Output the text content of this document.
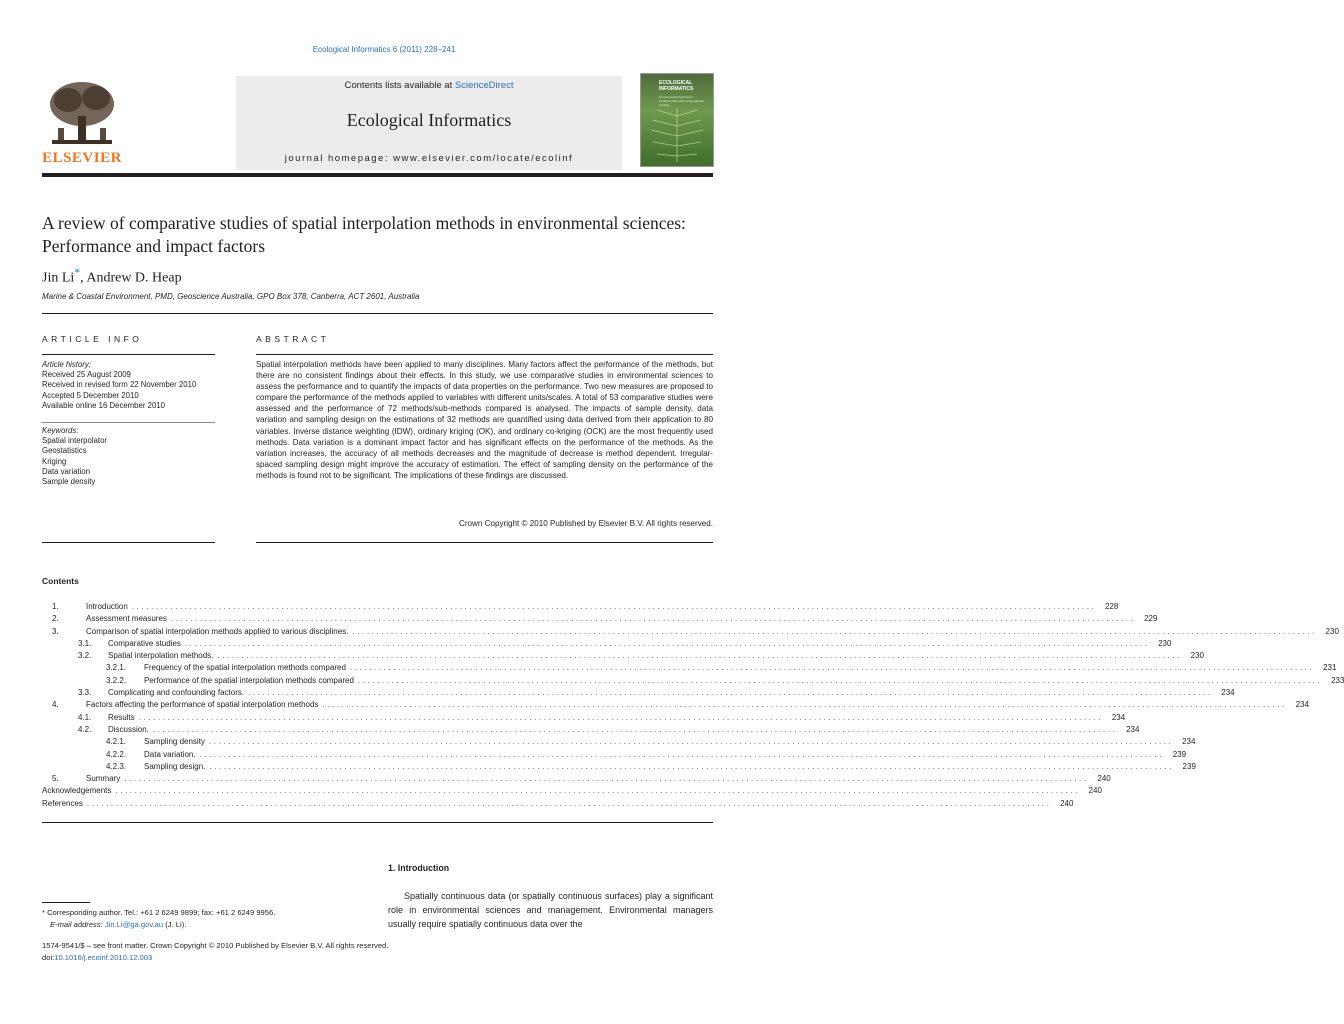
Ecological Informatics 6 (2011) 228–241
ELSEVIER
Contents lists available at ScienceDirect
Ecological Informatics
journal homepage: www.elsevier.com/locate/ecolinf
ECOLOGICAL INFORMATICS
an international journal on ecoinformatics and computational ecology
A review of comparative studies of spatial interpolation methods in environmental sciences: Performance and impact factors
Jin Li*, Andrew D. Heap
Marine & Coastal Environment, PMD, Geoscience Australia, GPO Box 378, Canberra, ACT 2601, Australia
ARTICLE INFO
Article history:
Received 25 August 2009
Received in revised form 22 November 2010
Accepted 5 December 2010
Available online 16 December 2010
Keywords:
Spatial interpolator
Geostatistics
Kriging
Data variation
Sample density
ABSTRACT
Spatial interpolation methods have been applied to many disciplines. Many factors affect the performance of the methods, but there are no consistent findings about their effects. In this study, we use comparative studies in environmental sciences to assess the performance and to quantify the impacts of data properties on the performance. Two new measures are proposed to compare the performance of the methods applied to variables with different units/scales. A total of 53 comparative studies were assessed and the performance of 72 methods/sub-methods compared is analysed. The impacts of sample density, data variation and sampling design on the estimations of 32 methods are quantified using data derived from their application to 80 variables. Inverse distance weighting (IDW), ordinary kriging (OK), and ordinary co-kriging (OCK) are the most frequently used methods. Data variation is a dominant impact factor and has significant effects on the performance of the methods. As the variation increases, the accuracy of all methods decreases and the magnitude of decrease is method dependent. Irregular-spaced sampling design might improve the accuracy of estimation. The effect of sampling density on the performance of the methods is found not to be significant. The implications of these findings are discussed.
Crown Copyright © 2010 Published by Elsevier B.V. All rights reserved.
Contents
1.	Introduction ........................................................................................................................................................................................................	228
2.	Assessment measures ........................................................................................................................................................................................................	229
3.	Comparison of spatial interpolation methods applied to various disciplines. ........................................................................................................................................................................................................	230
3.1.	Comparative studies ........................................................................................................................................................................................................	230
3.2.	Spatial interpolation methods. ........................................................................................................................................................................................................	230
3.2.1.	Frequency of the spatial interpolation methods compared ........................................................................................................................................................................................................	231
3.2.2.	Performance of the spatial interpolation methods compared ........................................................................................................................................................................................................	233
3.3.	Complicating and confounding factors. ........................................................................................................................................................................................................	234
4.	Factors affecting the performance of spatial interpolation methods ........................................................................................................................................................................................................	234
4.1.	Results ........................................................................................................................................................................................................	234
4.2.	Discussion. ........................................................................................................................................................................................................	234
4.2.1.	Sampling density ........................................................................................................................................................................................................	234
4.2.2.	Data variation. ........................................................................................................................................................................................................	239
4.2.3.	Sampling design. ........................................................................................................................................................................................................	239
5.	Summary ........................................................................................................................................................................................................	240
Acknowledgements ........................................................................................................................................................................................................	240
References ........................................................................................................................................................................................................	240
1. Introduction
Spatially continuous data (or spatially continuous surfaces) play a significant role in environmental sciences and management. Environmental managers usually require spatially continuous data over the
* Corresponding author. Tel.: +61 2 6249 9899; fax: +61 2 6249 9956.
E-mail address: Jin.Li@ga.gov.au (J. Li).
1574-9541/$ – see front matter. Crown Copyright © 2010 Published by Elsevier B.V. All rights reserved.
doi:10.1016/j.ecoinf.2010.12.003
